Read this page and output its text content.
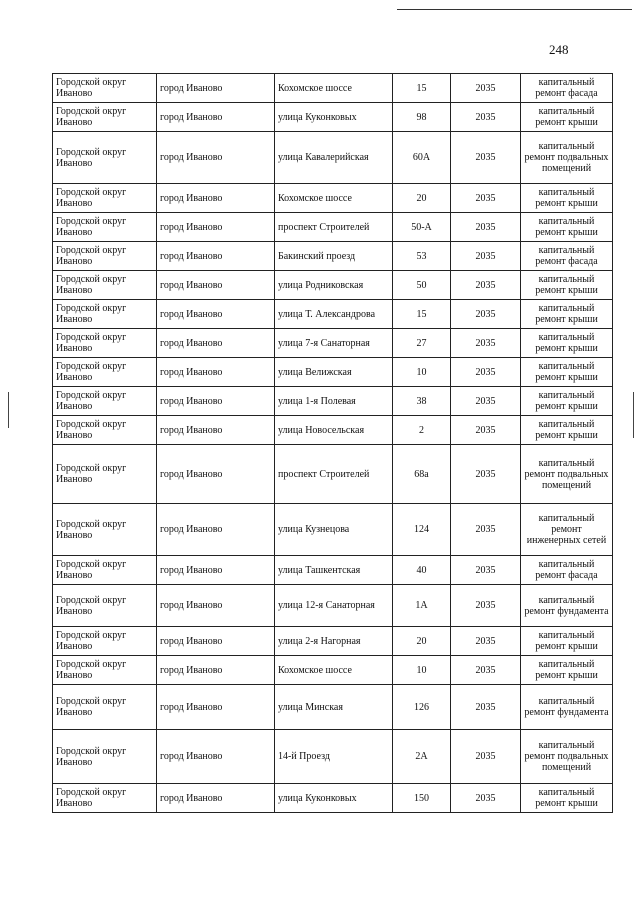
248
Городской округ Иваново	город Иваново	Кохомское шоссе	15	2035	капитальный ремонт фасада
Городской округ Иваново	город Иваново	улица Куконковых	98	2035	капитальный ремонт крыши
Городской округ Иваново	город Иваново	улица Кавалерийская	60А	2035	капитальный ремонт подвальных помещений
Городской округ Иваново	город Иваново	Кохомское шоссе	20	2035	капитальный ремонт крыши
Городской округ Иваново	город Иваново	проспект Строителей	50-А	2035	капитальный ремонт крыши
Городской округ Иваново	город Иваново	Бакинский проезд	53	2035	капитальный ремонт фасада
Городской округ Иваново	город Иваново	улица Родниковская	50	2035	капитальный ремонт крыши
Городской округ Иваново	город Иваново	улица Т. Александрова	15	2035	капитальный ремонт крыши
Городской округ Иваново	город Иваново	улица 7-я Санаторная	27	2035	капитальный ремонт крыши
Городской округ Иваново	город Иваново	улица Велижская	10	2035	капитальный ремонт крыши
Городской округ Иваново	город Иваново	улица 1-я Полевая	38	2035	капитальный ремонт крыши
Городской округ Иваново	город Иваново	улица Новосельская	2	2035	капитальный ремонт крыши
Городской округ Иваново	город Иваново	проспект Строителей	68а	2035	капитальный ремонт подвальных помещений
Городской округ Иваново	город Иваново	улица Кузнецова	124	2035	капитальный ремонт инженерных сетей
Городской округ Иваново	город Иваново	улица Ташкентская	40	2035	капитальный ремонт фасада
Городской округ Иваново	город Иваново	улица 12-я Санаторная	1А	2035	капитальный ремонт фундамента
Городской округ Иваново	город Иваново	улица 2-я Нагорная	20	2035	капитальный ремонт крыши
Городской округ Иваново	город Иваново	Кохомское шоссе	10	2035	капитальный ремонт крыши
Городской округ Иваново	город Иваново	улица Минская	126	2035	капитальный ремонт фундамента
Городской округ Иваново	город Иваново	14-й Проезд	2А	2035	капитальный ремонт подвальных помещений
Городской округ Иваново	город Иваново	улица Куконковых	150	2035	капитальный ремонт крыши
